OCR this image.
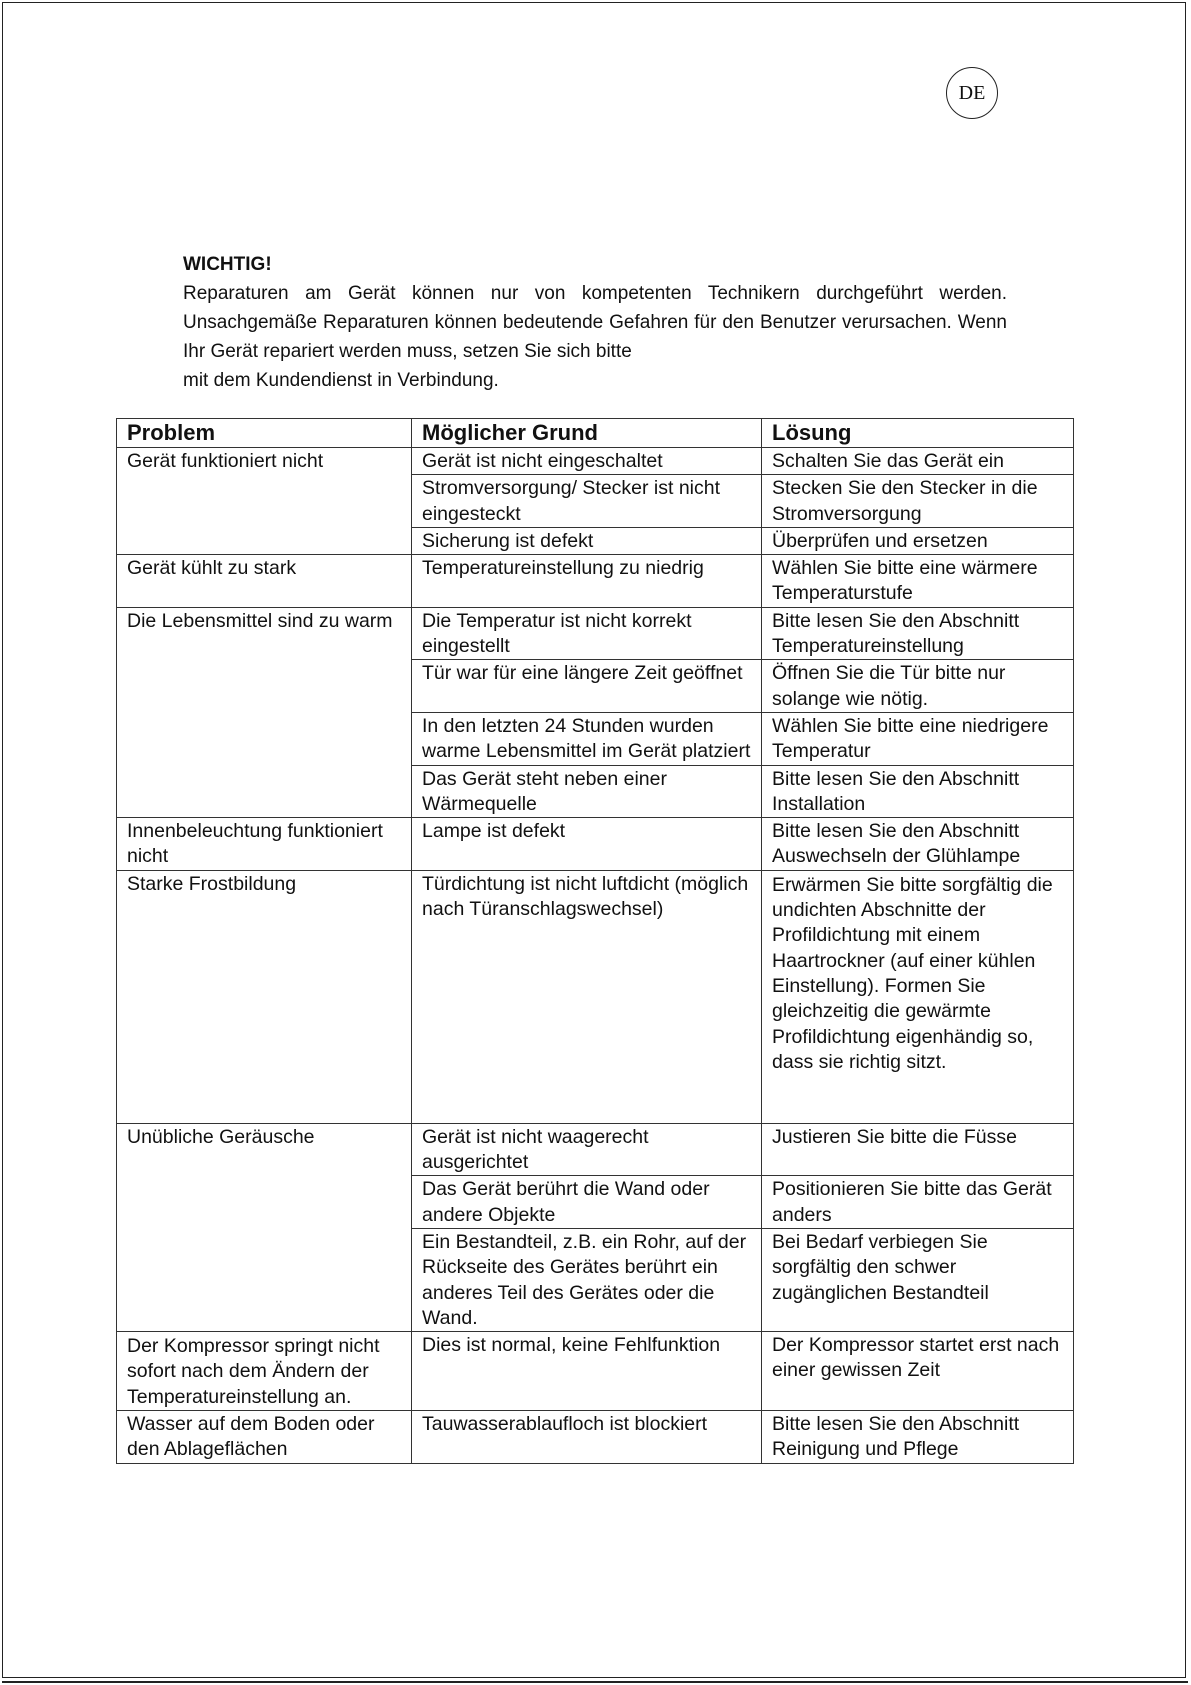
DE
WICHTIG!

Reparaturen am Gerät können nur von kompetenten Technikern durchgeführt werden. Unsachgemäße Reparaturen können bedeutende Gefahren für den Benutzer verursachen. Wenn Ihr Gerät repariert werden muss, setzen Sie sich bitte

mit dem Kundendienst in Verbindung.

Problem	Möglicher Grund	Lösung
Gerät funktioniert nicht	Gerät ist nicht eingeschaltet	Schalten Sie das Gerät ein
	Stromversorgung/ Stecker ist nicht eingesteckt	Stecken Sie den Stecker in die Stromversorgung
	Sicherung ist defekt	Überprüfen und ersetzen
Gerät kühlt zu stark	Temperatureinstellung zu niedrig	Wählen Sie bitte eine wärmere Temperaturstufe
Die Lebensmittel sind zu warm	Die Temperatur ist nicht korrekt eingestellt	Bitte lesen Sie den Abschnitt Temperatureinstellung
	Tür war für eine längere Zeit geöffnet	Öffnen Sie die Tür bitte nur solange wie nötig.
	In den letzten 24 Stunden wurden warme Lebensmittel im Gerät platziert	Wählen Sie bitte eine niedrigere Temperatur
	Das Gerät steht neben einer Wärmequelle	Bitte lesen Sie den Abschnitt Installation
Innenbeleuchtung funktioniert nicht	Lampe ist defekt	Bitte lesen Sie den Abschnitt Auswechseln der Glühlampe
Starke Frostbildung	Türdichtung ist nicht luftdicht (möglich nach Türanschlagswechsel)	Erwärmen Sie bitte sorgfältig die undichten Abschnitte der Profildichtung mit einem Haartrockner (auf einer kühlen Einstellung). Formen Sie gleichzeitig die gewärmte Profildichtung eigenhändig so, dass sie richtig sitzt.
Unübliche Geräusche	Gerät ist nicht waagerecht ausgerichtet	Justieren Sie bitte die Füsse
	Das Gerät berührt die Wand oder andere Objekte	Positionieren Sie bitte das Gerät anders
	Ein Bestandteil, z.B. ein Rohr, auf der Rückseite des Gerätes berührt ein anderes Teil des Gerätes oder die Wand.	Bei Bedarf verbiegen Sie sorgfältig den schwer zugänglichen Bestandteil
Der Kompressor springt nicht sofort nach dem Ändern der Temperatureinstellung an.	Dies ist normal, keine Fehlfunktion	Der Kompressor startet erst nach einer gewissen Zeit
Wasser auf dem Boden oder den Ablageflächen	Tauwasserablaufloch ist blockiert	Bitte lesen Sie den Abschnitt Reinigung und Pflege
